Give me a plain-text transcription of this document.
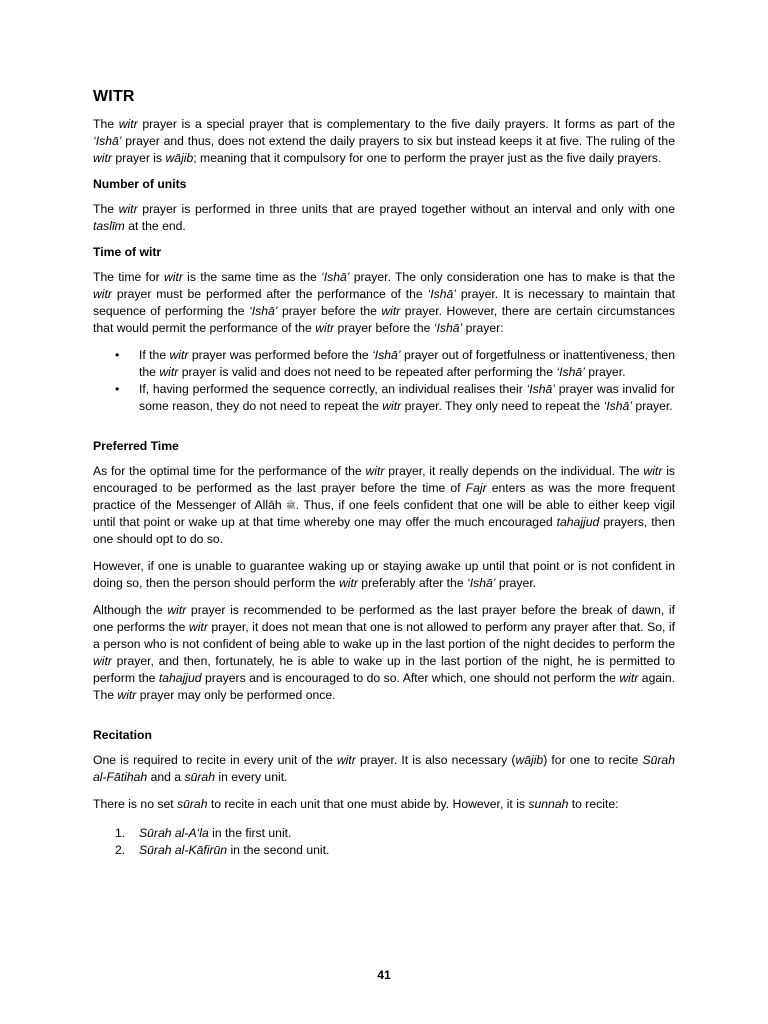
WITR

The witr prayer is a special prayer that is complementary to the five daily prayers. It forms as part of the ‘Ishā’ prayer and thus, does not extend the daily prayers to six but instead keeps it at five. The ruling of the witr prayer is wājib; meaning that it compulsory for one to perform the prayer just as the five daily prayers.

Number of units

The witr prayer is performed in three units that are prayed together without an interval and only with one taslīm at the end.

Time of witr

The time for witr is the same time as the ‘Ishā’ prayer. The only consideration one has to make is that the witr prayer must be performed after the performance of the ‘Ishā’ prayer. It is necessary to maintain that sequence of performing the ‘Ishā’ prayer before the witr prayer. However, there are certain circumstances that would permit the performance of the witr prayer before the ‘Ishā’ prayer:

• If the witr prayer was performed before the ‘Ishā’ prayer out of forgetfulness or inattentiveness, then the witr prayer is valid and does not need to be repeated after performing the ‘Ishā’ prayer.
• If, having performed the sequence correctly, an individual realises their ‘Ishā’ prayer was invalid for some reason, they do not need to repeat the witr prayer. They only need to repeat the ‘Ishā’ prayer.
Preferred Time

As for the optimal time for the performance of the witr prayer, it really depends on the individual. The witr is encouraged to be performed as the last prayer before the time of Fajr enters as was the more frequent practice of the Messenger of Allāh ﷺ. Thus, if one feels confident that one will be able to either keep vigil until that point or wake up at that time whereby one may offer the much encouraged tahajjud prayers, then one should opt to do so.

However, if one is unable to guarantee waking up or staying awake up until that point or is not confident in doing so, then the person should perform the witr preferably after the ‘Ishā’ prayer.

Although the witr prayer is recommended to be performed as the last prayer before the break of dawn, if one performs the witr prayer, it does not mean that one is not allowed to perform any prayer after that. So, if a person who is not confident of being able to wake up in the last portion of the night decides to perform the witr prayer, and then, fortunately, he is able to wake up in the last portion of the night, he is permitted to perform the tahajjud prayers and is encouraged to do so. After which, one should not perform the witr again. The witr prayer may only be performed once.

Recitation

One is required to recite in every unit of the witr prayer. It is also necessary (wājib) for one to recite Sūrah al-Fātihah and a sūrah in every unit.

There is no set sūrah to recite in each unit that one must abide by. However, it is sunnah to recite:

1. Sūrah al-A‘la in the first unit.
2. Sūrah al-Kāfirūn in the second unit.
41
